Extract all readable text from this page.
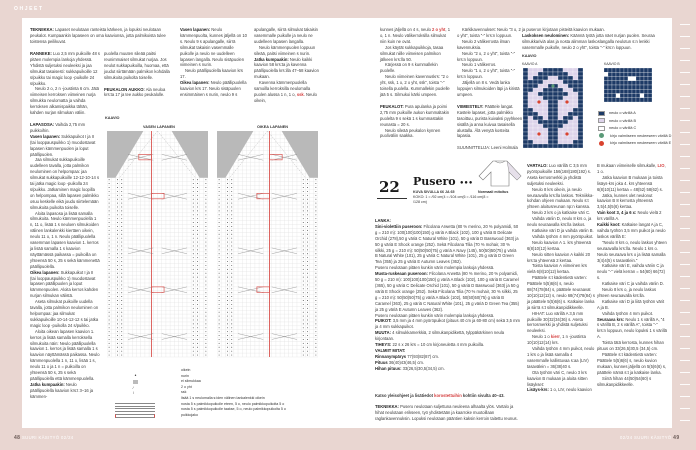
OHJEET

TEKNIIKKA: Lapaset neulotaan ranteista kärkeen, ja lopuksi neulotaan peukalot. Kumpaankin lapaseen on oma kaavionsa, jotta palmikoista tulee toistensa peilikuvat.

RANNEKE: Luo 2,5 mm puikoille 48 s pitäen molempia lankoja yhdessä. Yhdistä suljetuksi neuleeksi ja jaa silmukat tasaisesti: sukkapuikoille 12 s/puikko tai magic loop -puikolle 24 s/puikko.

Neulo 2 o, 2 n -joustinta 6 cm. Jätä viimeisen kerroksen viimeinen nurja silmukka neulomatta ja vaihda kerroksen alkamispaikka tähän, kahden nurjan silmukan väliin.

LAPASOSA: Vaihda 2,75 mm puikkoihin.

Vasen lapanen: Sukkapuikot I ja II (tai looppauspuikko 1) muodostavat lapasen kämmenpuolen ja loput päällipuolen.

Jaa silmukat sukkapuikoille uudelleen tavalla, jotta palmikon neulominen on helpompaa: jaa silmukat sukkapuikoille 12-12-10-14 s tai jatka magic loop -puikolla 24 s/puikko. Jatkaminen magic loopilla on helpompaa, sillä lapasen palmikko osuu keskelle eikä joudu siirtelemään silmukoita puikolta toiselle.

Aloita lapasosa ja lisää samalla silmukoita. Neulo kämmenpuolella 1 n, 11 o, lisää 1 s neuloen silmukoiden välinen lankalenkki kiertäen oikein, neulo 11 o, 1 n. Neulo päällipuolella vasemman lapasen kaavion 1. kerros ja lisää samalla 1 s kaavion näyttämässä paikassa = puikoilla on yhteensä 50 s, 25 s sekä kämmenettä päällipuolella.

Oikea lapanen: Sukkapuikot I ja II (tai looppauspuikko 1) muodostavat lapasen päällipuolen ja loput kämmenpuolen. Aloita kerros kahden nurjan silmukan välistä.

Aseta silmukat puikoille uudella tavalla, jotta palmikon neulominen on helpompaa: jaa silmukat sukkapuikoille 10-14-12-12 s tai jatka magic loop -puikolla 24 s/puikko.

Aloita oikean lapasen kaavion 1. kerros ja lisää samalla kerroksella silmukoita näin: Neulo päällipuolella kaavion 1. kerros ja lisää samalla 1 s kaavion näyttämässä paikassa. Neulo kämmenpuolella 1 n, 11 o, lisää 1 s, neulo 11 o ja 1 n = puikoilla on yhteensä 50 s, 25 s sekä päällipuolella että kämmenpuolella.

Jatka kumpaakin: Neulo päällipuolella kaavion krs:t 3–16 ja kämmen-

puolella muuten sileää paitsi reunimmaiset silmukat nurjaa. Jos neulot sukkapuikoilla, huomaa, että joudut siirtämään palmikon kohdalla silmukoita puikolta toiselle.

PEUKALON AUKKO: Ala neuloa krs:ta 17 ja tee aukko peukalolle.

Vasen lapanen: Neulo kämmenpuolta, kunnes jäljellä on 10 s. Neulo 9 s apulangalle, siirrä silmukat takaisin vasemmalle puikolle ja neulo ne uudelleen lapasen langalla. Neulo sisäpuolen viimeinen s nurin.

Neulo päällipuolella kaavion krs 17.

Oikea lapanen: Neulo päällipuolella kaavion krs 17. Neulo sisäpuolen ensimmäinen s nurin, neulo 9 s

apulangalle, siirrä silmukat takaisin vasemmalle puikolle ja neulo ne uudelleen lapasen langalla.

Neulo kämmenpuolen loppuun sileää, paitsi viimeinen s nurin.

Jatka kumpaakin: Neulo kaikki kaavion 58 krs:ta ja kavenna päällipuolella krs:illa 47–58 kaavion mukaan.

Kavenna kämmenpuolella samoilla kerroksilla neulomalla puolen alussa 1 n, 1 o, ssk. Neulo oikein,

KAAVIO
VASEN LAPANEN	OIKEA LAPANEN
oikein
•	nurin
ei silmukkaa
⁄	2 o yht
\	ssk
lisää 1 s neulomalla s:iden välinen lankalenkki oikein
nosta 5 s palmikkopuikolle eteen, 5 o, neulo palmikkopuikolta 5 o
nosta 5 s palmikkopuikolle taakse, 5 o, neulo palmikkopuikolta 5 o
puikkojako
48 SUURI KÄSITYÖ 02/24

kunnes jäljellä on 4 s, neulo 2 o yht, 1 o, 1 n. Neulo välikerroksilla silmukat niin kuin ne ovat.

Jos käytät sukkapuikkoja, tasaa silmukat niille viimeisen palmikon jälkeen krs:lla 50.

Kärjessä on 9 s kummallekin puolelle.

Neulo viimeinen kavennuskrs: "2 o yht, ssk, 1 o, 2 o yht, ssk", toista "-" toisella puolella. Kummallekin puolelle jää 5 s. Silmukoi kärki umpeen.

PEUKALOT: Pura apulanka ja poimi 2,75 mm puikoille aukon kummaltakin puolelta 9 s sekä 1 s kummastakin reunasta = 20 s.

Neulo sileää peukalon kynnen puoliväliin saakka.

Kärkikavennukset: Neulo "3 o, 2 o yht", toista "-" krs:n loppuun.

Neulo 2 välikerrosta ilman kavennuksia.

Neulo "2 o, 2 o yht", toista "-" krs:n loppuun.

Neulo 1 välikerros.

Neulo "1 o, 2 o yht", toista "-" krs:n loppuun.

Jäljellä on 8 s. Vedä lanka loppujen silmukoiden läpi ja kiristä umpeen.

VIIMEISTELY: Päättele langat. Kastele lapaset, jotta palmikko tasoittuu, purista kuivaksi pyyhkeen sisällä ja anna kuivua tasaisella alustalla. Älä venytä kosteita lapasia.

SUUNNITTELIJA: Leeni Holmala

ja puseron kirjotaan pisteitä kaavion mukaan.

Laskoksen neulominen: Käännä työtä jotta näet nurjan puolen. Seuraa silmukkariviä alas ja nosta alimman laskoslangalla neulotun s:n lenkki vasemmalle puikolle, neulo 2 o yht", toista "-" krs:n loppuun.

KAAVIO
KAAVIO A	KAAVIO B
neulo o värillä A
neulo o värillä B
neulo o värillä C
kirjo valmiiseen neuleeseen värillä D
kirjo valmiiseen neuleeseen värillä E
22 Pusero •••
KUVA SIVULLA 66 JA 65
KOKO: 1 = /92 cm(4 = /104 cm(6 = /116 cm(8 = /128 cm)
Normaali mitoitus

LANKA:

Sini-violettiin puseroon: Filcolana Arwetta (80 % merino, 20 % polyamidi, 50 g = 210 m): 100(100)100(150) g väriä A Black (102), 100 g väriä B Delicate Orchid (278),50 g väriä C Natural White (101), 50 g väriä D Basswood (363) ja 50 g väriä E Shock orange (252). Sekä Filcolana Tilia (70 % mohair, 30 % silkki, 25 g = 210 m): 50(50)50(75) g väriä A Navy (145), 50(50)50(75) g väriä B Natural White (101), 25 g väriä C Natural White (101), 25 g väriä D Green Tea (355) ja 25 g väriä E Autumn Leaves (362).

Pusero neulotaan pitäen kunkin värin molempia lankoja yhdessä.

Musta-ruskeaan puseroon: Filcolana Arwetta (80 % merino, 20 % polyamidi, 50 g = 210 m): 100(100)100(150) g väriä A Black (102), 100 g väriä B Caramel (365), 50 g väriä C Delicate Orchid (101), 50 g väriä D Basswood (363) ja 50 g väriä E Shock orange (252). Sekä Filcolana Tilia (70 % mohair, 30 % silkki, 25 g = 210 m): 50(50)50(75) g väriä A Black (102), 50(50)50(75) g väriä B Caramel (363), 25 g väriä C Natural White (101), 25 g väriä D Green Tea (355) ja 25 g väriä E Autumn Leaves (362).

Pusero neulotaan pitäen kunkin värin molempia lankoja yhdessä.

PUIKOT: 3,5 mm ja 4 mm pyöröpuikot (pituus 40 cm ja 60-80 cm) sekä 3,5 mm ja 4 mm sukkapuikot.

MUUTA: 4 silmukkamerkkiä, 2 silmukanpidikettä, tylppäkärkinen neula kirjontaan.

TIHEYS: 22 s x 26 krs = 10 cm kirjoneuletta 4 mm puikoilla.

VALMIIT MITAT:

Rinnanympärys 77(93)82(87) cm.

Pituus 36(40)43(46,5) cm.

Hihan pituus: 33(26,5)30,5(34,5) cm.

Katso yleisohjeet ja lisätiedot korostettuihin kohtiin sivulta 40–43.

TEKNIIKKA: Pusero neulotaan suljettuna neuleena alhaalta ylös. Vartalo ja hihat neulotaan erikseen, työ yhdistetään ja kaarroke muotoillaan raglankavennuksin. Lopuksi neulotaan pääntien kaksin kerroin taitettu reunus.

VARTALO: Luo värillä C 3,5 mm pyöröpuikoille 156(168)180(192) s. Aseta kerrosmerkki ja yhdistä suljetuksi neuleeksi.

Neulo 8 krs oikein, ja neulo seuraavalla krs:lla laskos. Tekniikka-kohdan ohjeen mukaan. Neulo s:t yhteen aloitusreunan np:n kanssa.

Neulo 2 krs o ja katkaise väri C.

Vaihda väriin D, neulo 8 krs o, ja neulo seuraavalla krs:lla laskos.

Katkaise väri D ja vaihda väriin B.

Vaihda työhön 4 mm pyöröpuikot.

Neulo kaavion A 1. krs yhteensä 6(8)10(12) kertaa.

Neulo sitten kaavion A kaikki 20 krs:ta yhteensä 2 kertaa.

Toista kaavion A viimeinen krs vielä 6(8)10(12) kertaa.

Päättele s:t kädentietä varten: Päättele 5(5)6(6) s, neulo 68(74)78(84) s, päättele seuraavat 10(10)12(12) s, neulo 68(74)78(84) s ja päättele 5(5)6(6) s. Katkaise lanka ja siirrä s:t silmukanpidikkeelle.

HIHAT: Luo värillä A 3,5 mm puikoille 30(32)34(36) s. Aseta kerrosmerkki ja yhdistä suljetuksi neuleeksi.

Neulo 1 o kierr, 1 n -joustinta 10(10)12(14) krs.

Vaihda työhön 4 mm puikot, neulo 1 krs o ja lisää samalla 4 vasemmalle kallistuvaa s:aa (LIV) tasavälein = 36(38)40 s.

Ota työhön väri C, neulo 3 krs kaavion B mukaan ja aloita sitten lisäykset:

Lisäys-krs: 1 o, LIV, neulo kaavion

B mukaan viimeiselle silmukalle, LIO, 1 o.

Jatka kaavion B mukaan ja toista lisäys-krs joka 4. krs yhteensä 6(8)10(11) kertaa = 48(52) 58(62) s.

Jatka, kunnes olet neulonut kaavion B 8 kerrosta yhteensä 3,5(4,5)5(6) kertaa.

Vain koot 3, 4 ja 6 x: Neulo vielä 2 krs värillä A.

Kaikki koot: Katkaise langat A ja C, vaihda työhön 3,5 mm puikot ja neulo laskos värillä E:

"Neulo 8 krs o, neulo laskos yhteen seuraavalla krs:lla. Neulo 1 krs o. Neulo seuraava krs o ja lisää samalla 3(4)4(5) s tasavälein."

Katkaise väri E, vaihda väriin C ja neulo "-" vielä kerran = 54(60) 66(72) s.

Katkaise väri C ja vaihda väriin D.

Neulo 8 krs o, ja neulo laskos yhteen seuraavalla krs:lla.

Katkaise väri D ja liitä työhön värit A ja B.

Vaihda työhön 4 mm puikot.

Seuraava krs: Neulo 1 s värillä A, "4 s värillä B, 2 s värillä A", toista "-" krs:n loppuun, neulo lopuksi 1 s värillä A.

Toista tätä kerrosta, kunnes hihan pituus on 33(26,5)30,5 (34,5) cm.

Päättele s:t kädentietä varten: Päättele 5(5)6(6) s, neulo kuvion mukaan, kunnes jäljellä on 5(5)6(6) s, päättele nämä s:t ja katkaise lanka.

Siirrä hihan 44(50)54(60) s silmukanpidikkeelle.

02/24 SUURI KÄSITYÖ 49
